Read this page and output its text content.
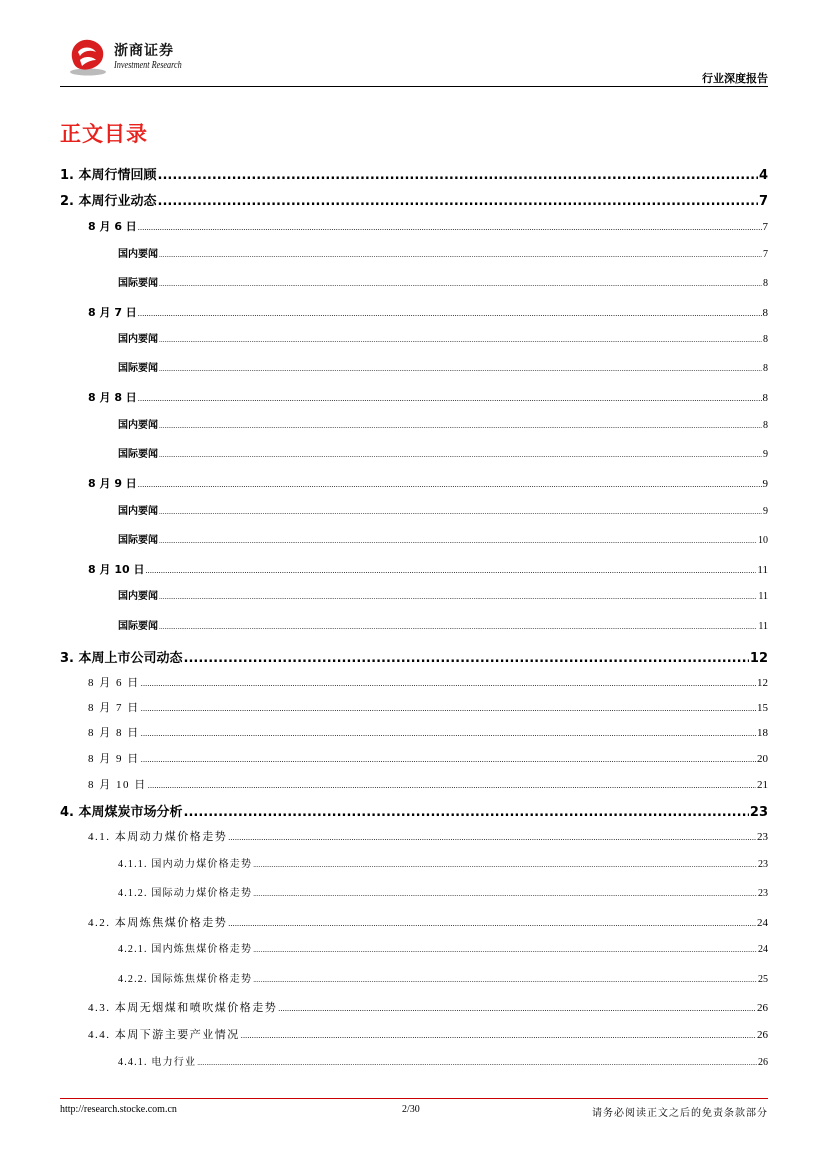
浙商证券
Investment Research
行业深度报告
正文目录
1. 本周行情回顾 .....	4
2. 本周行业动态 .....	7
8 月 6 日 .....	7
国内要闻 .....	7
国际要闻 .....	8
8 月 7 日 .....	8
国内要闻 .....	8
国际要闻 .....	8
8 月 8 日 .....	8
国内要闻 .....	8
国际要闻 .....	9
8 月 9 日 .....	9
国内要闻 .....	9
国际要闻 .....	10
8 月 10 日 .....	11
国内要闻 .....	11
国际要闻 .....	11
3. 本周上市公司动态 .....	12
8 月 6 日 .....	12
8 月 7 日 .....	15
8 月 8 日 .....	18
8 月 9 日 .....	20
8 月 10 日 .....	21
4. 本周煤炭市场分析 .....	23
4.1. 本周动力煤价格走势 .....	23
4.1.1. 国内动力煤价格走势 .....	23
4.1.2. 国际动力煤价格走势 .....	23
4.2. 本周炼焦煤价格走势 .....	24
4.2.1. 国内炼焦煤价格走势 .....	24
4.2.2. 国际炼焦煤价格走势 .....	25
4.3. 本周无烟煤和喷吹煤价格走势 .....	26
4.4. 本周下游主要产业情况 .....	26
4.4.1. 电力行业 .....	26
http://research.stocke.com.cn	2/30	请务必阅读正文之后的免责条款部分
